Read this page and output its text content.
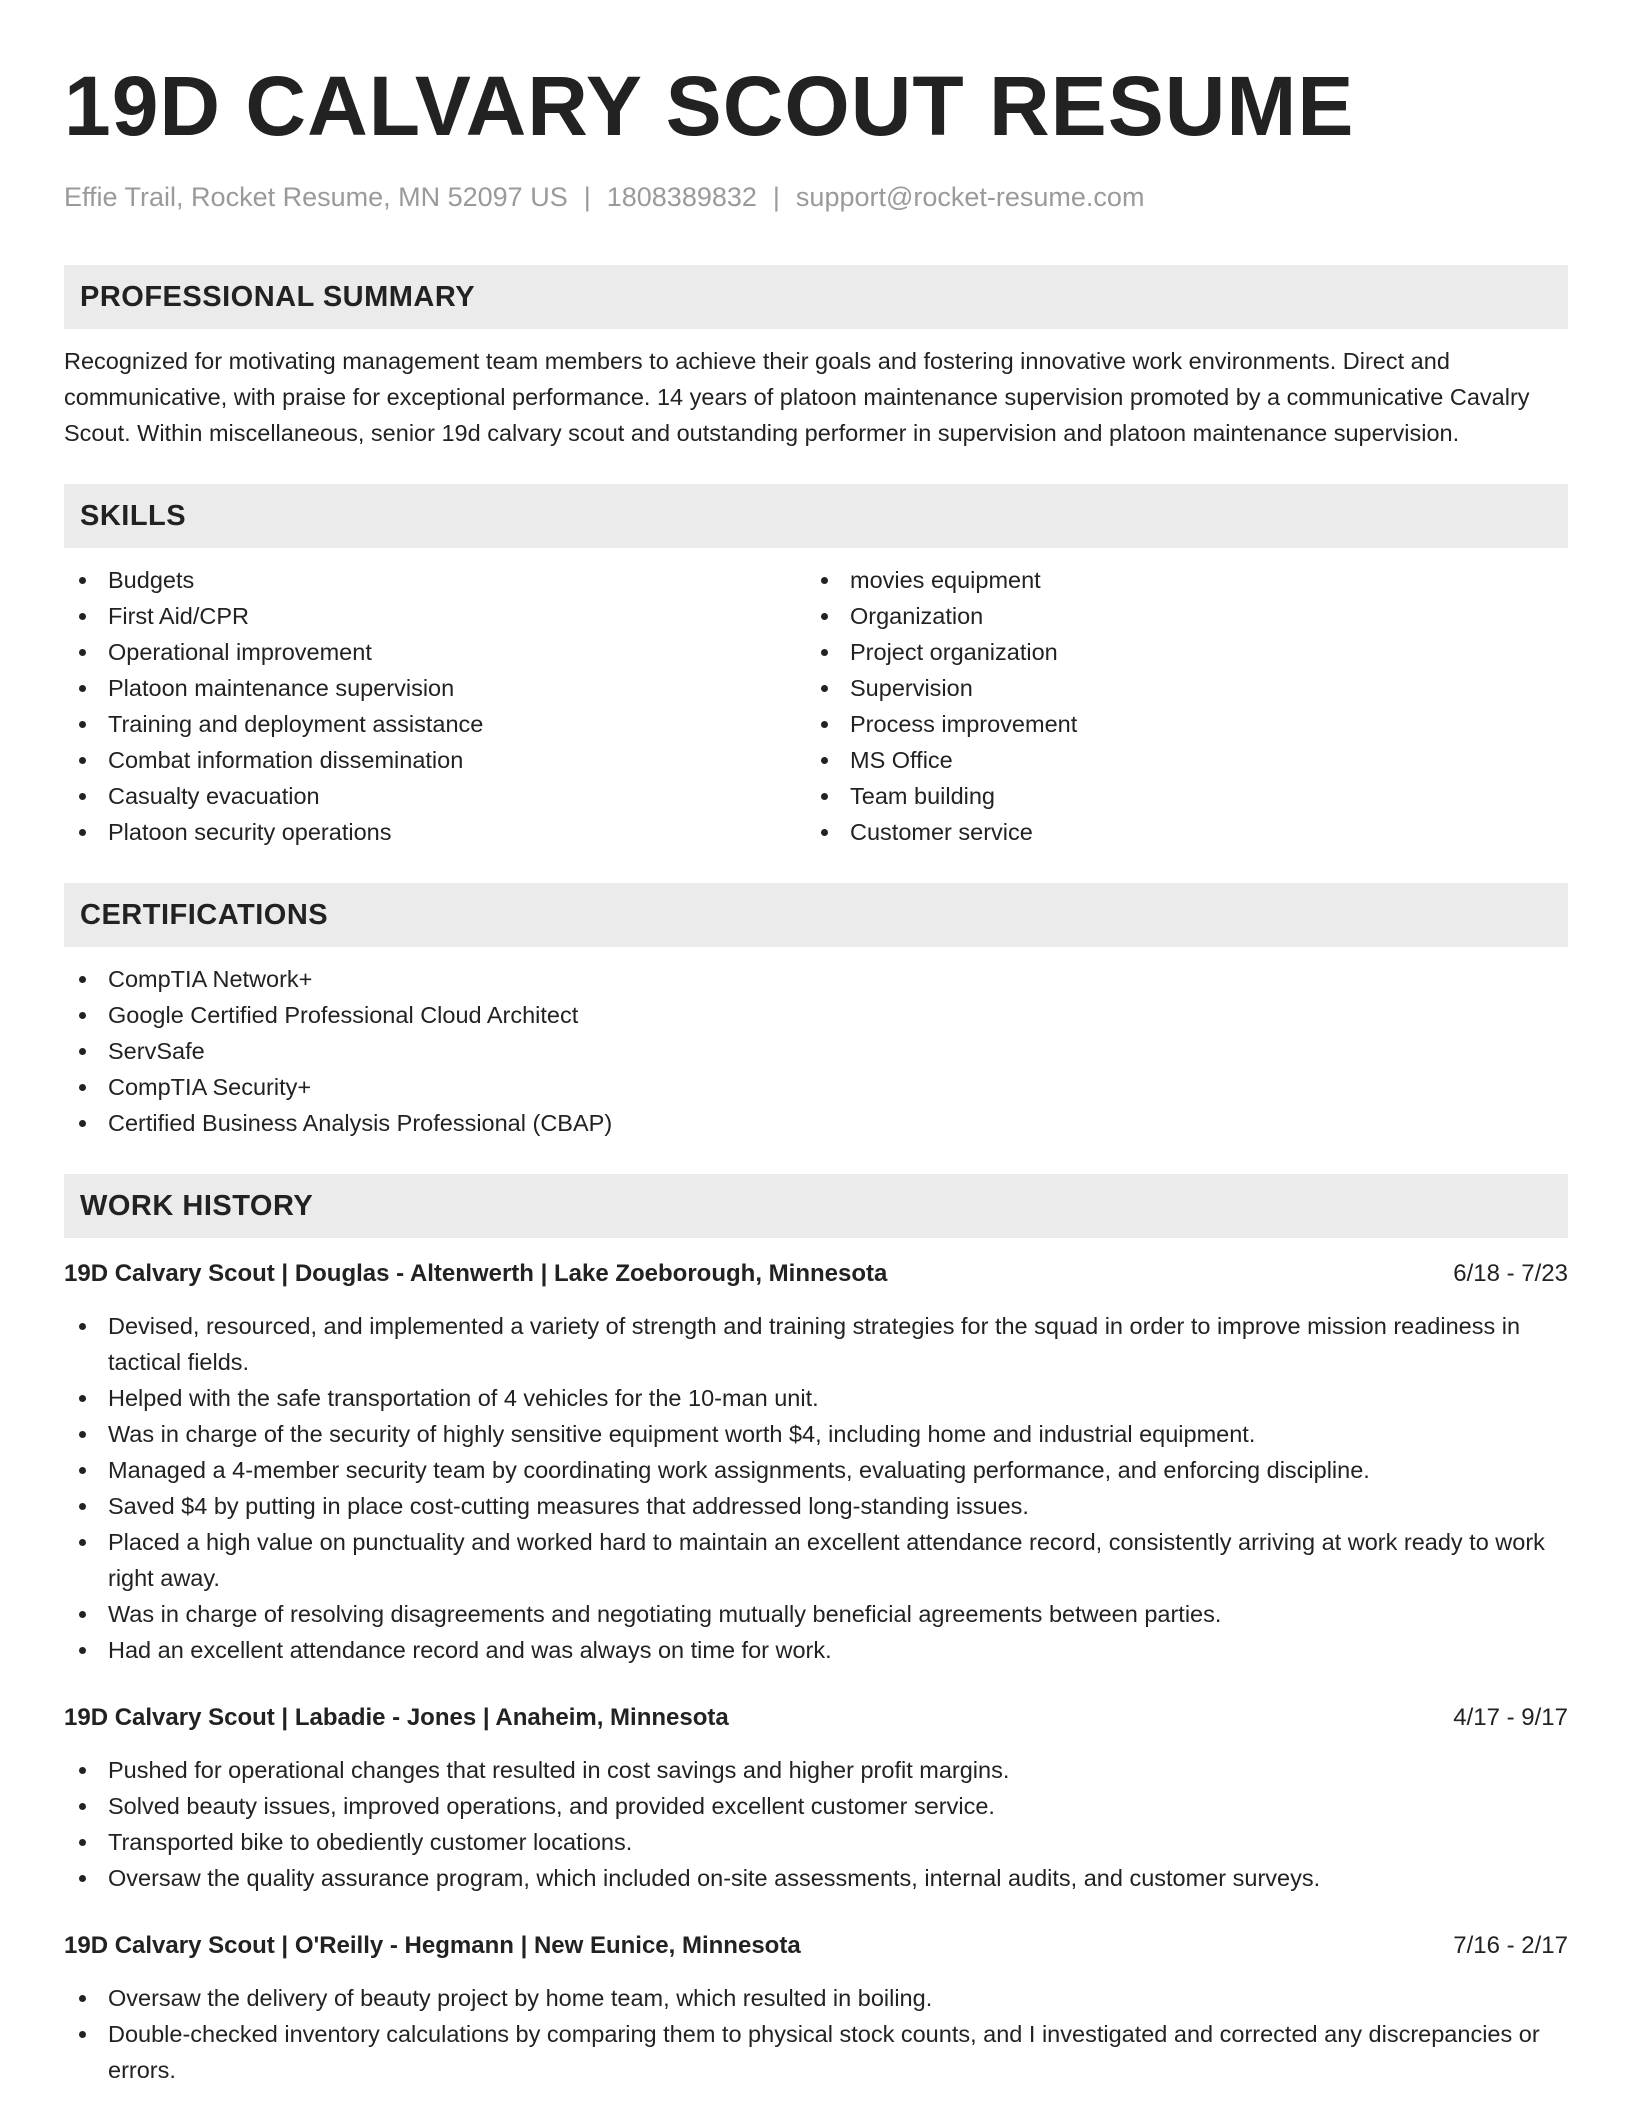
19D CALVARY SCOUT RESUME
Effie Trail, Rocket Resume, MN 52097 US | 1808389832 | support@rocket-resume.com
PROFESSIONAL SUMMARY

Recognized for motivating management team members to achieve their goals and fostering innovative work environments. Direct and communicative, with praise for exceptional performance. 14 years of platoon maintenance supervision promoted by a communicative Cavalry Scout. Within miscellaneous, senior 19d calvary scout and outstanding performer in supervision and platoon maintenance supervision.

SKILLS
Budgets
First Aid/CPR
Operational improvement
Platoon maintenance supervision
Training and deployment assistance
Combat information dissemination
Casualty evacuation
Platoon security operations
movies equipment
Organization
Project organization
Supervision
Process improvement
MS Office
Team building
Customer service
CERTIFICATIONS
CompTIA Network+
Google Certified Professional Cloud Architect
ServSafe
CompTIA Security+
Certified Business Analysis Professional (CBAP)
WORK HISTORY
19D Calvary Scout | Douglas - Altenwerth | Lake Zoeborough, Minnesota	6/18 - 7/23
Devised, resourced, and implemented a variety of strength and training strategies for the squad in order to improve mission readiness in tactical fields.
Helped with the safe transportation of 4 vehicles for the 10-man unit.
Was in charge of the security of highly sensitive equipment worth $4, including home and industrial equipment.
Managed a 4-member security team by coordinating work assignments, evaluating performance, and enforcing discipline.
Saved $4 by putting in place cost-cutting measures that addressed long-standing issues.
Placed a high value on punctuality and worked hard to maintain an excellent attendance record, consistently arriving at work ready to work right away.
Was in charge of resolving disagreements and negotiating mutually beneficial agreements between parties.
Had an excellent attendance record and was always on time for work.
19D Calvary Scout | Labadie - Jones | Anaheim, Minnesota	4/17 - 9/17
Pushed for operational changes that resulted in cost savings and higher profit margins.
Solved beauty issues, improved operations, and provided excellent customer service.
Transported bike to obediently customer locations.
Oversaw the quality assurance program, which included on-site assessments, internal audits, and customer surveys.
19D Calvary Scout | O'Reilly - Hegmann | New Eunice, Minnesota	7/16 - 2/17
Oversaw the delivery of beauty project by home team, which resulted in boiling.
Double-checked inventory calculations by comparing them to physical stock counts, and I investigated and corrected any discrepancies or errors.
